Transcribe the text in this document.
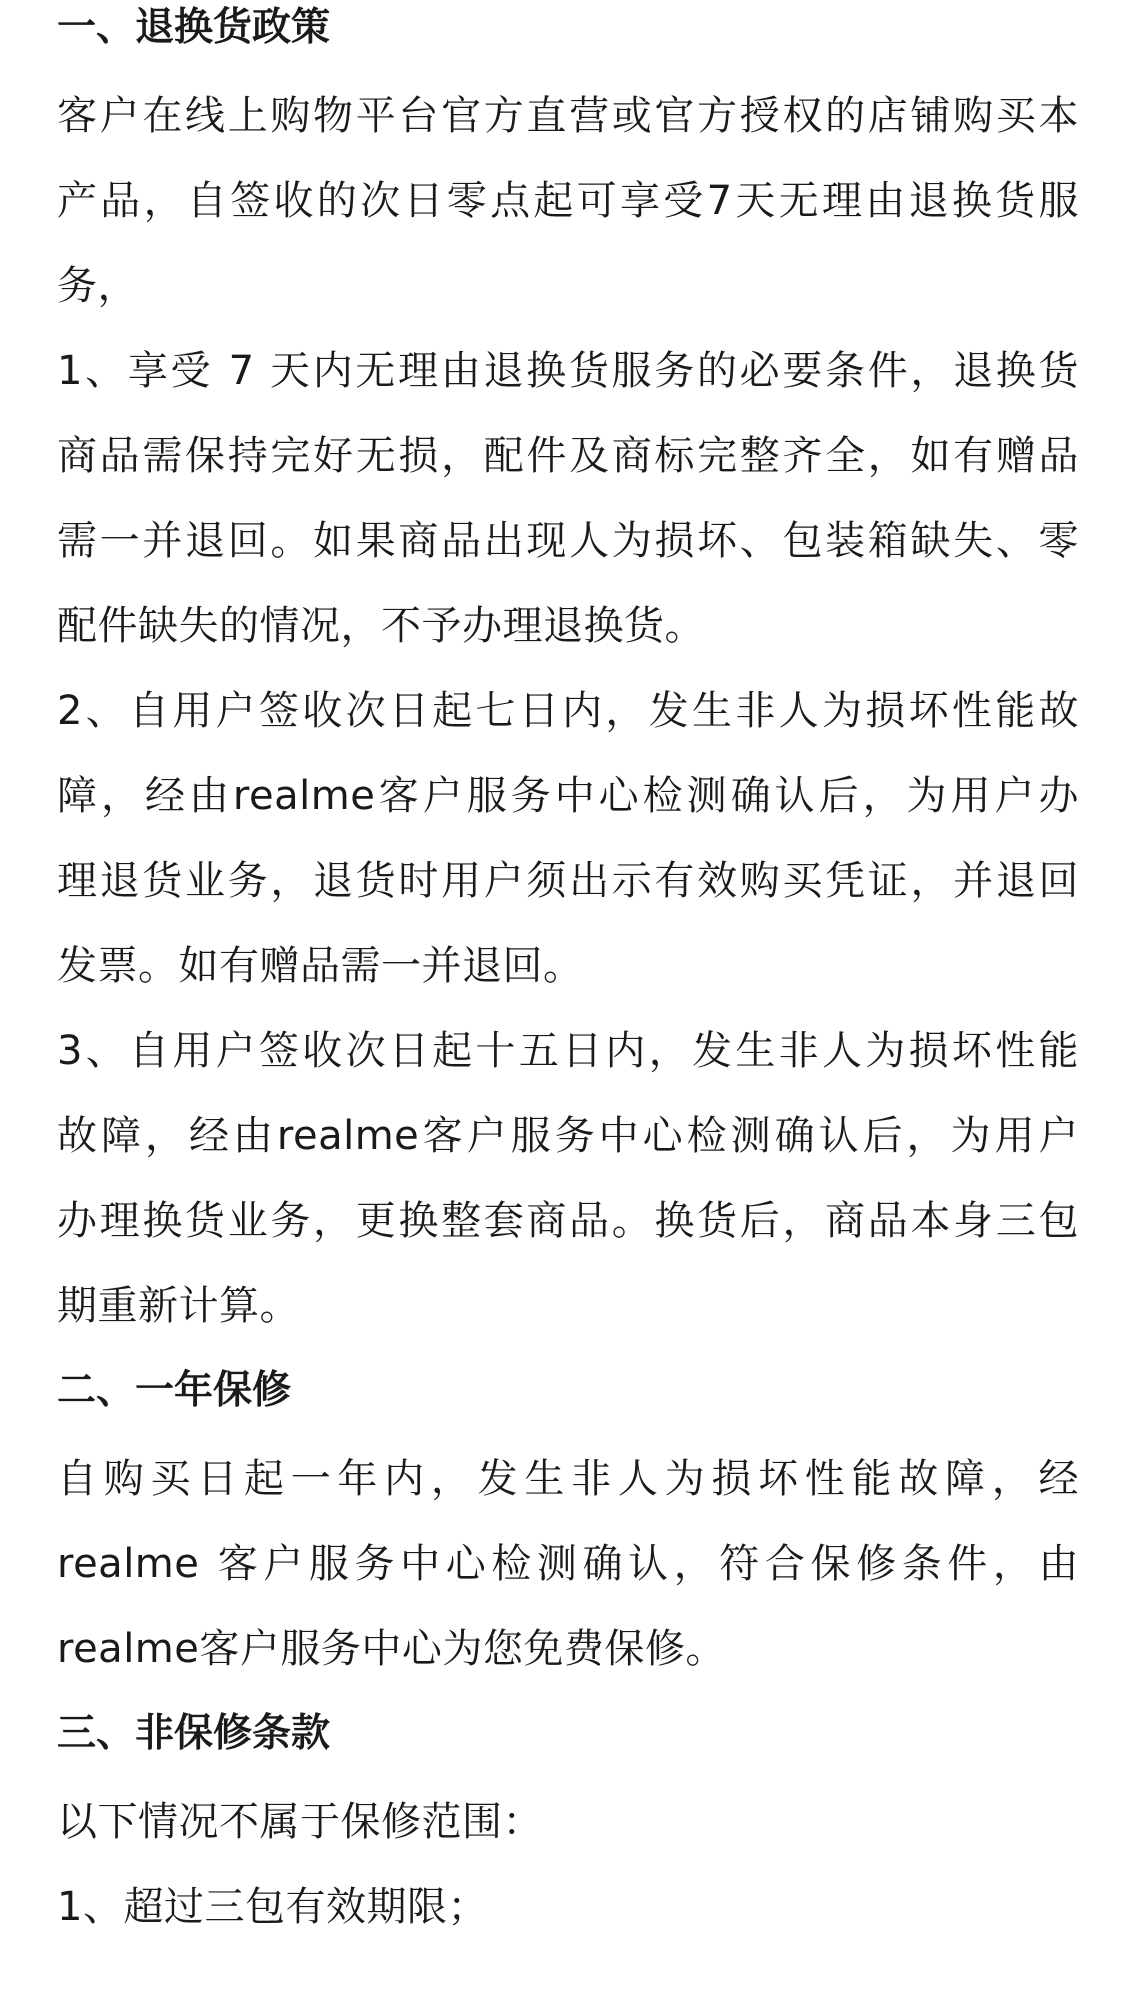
一、退换货政策
客户在线上购物平台官方直营或官方授权的店铺购买本
产品，自签收的次日零点起可享受7天无理由退换货服
务，
1、享受 7 天内无理由退换货服务的必要条件，退换货
商品需保持完好无损，配件及商标完整齐全，如有赠品
需一并退回。如果商品出现人为损坏、包装箱缺失、零
配件缺失的情况，不予办理退换货。
2、自用户签收次日起七日内，发生非人为损坏性能故
障，经由realme客户服务中心检测确认后，为用户办
理退货业务，退货时用户须出示有效购买凭证，并退回
发票。如有赠品需一并退回。
3、自用户签收次日起十五日内，发生非人为损坏性能
故障，经由realme客户服务中心检测确认后，为用户
办理换货业务，更换整套商品。换货后，商品本身三包
期重新计算。
二、一年保修
自购买日起一年内，发生非人为损坏性能故障，经
realme 客户服务中心检测确认，符合保修条件，由
realme客户服务中心为您免费保修。
三、非保修条款
以下情况不属于保修范围：
1、超过三包有效期限；
